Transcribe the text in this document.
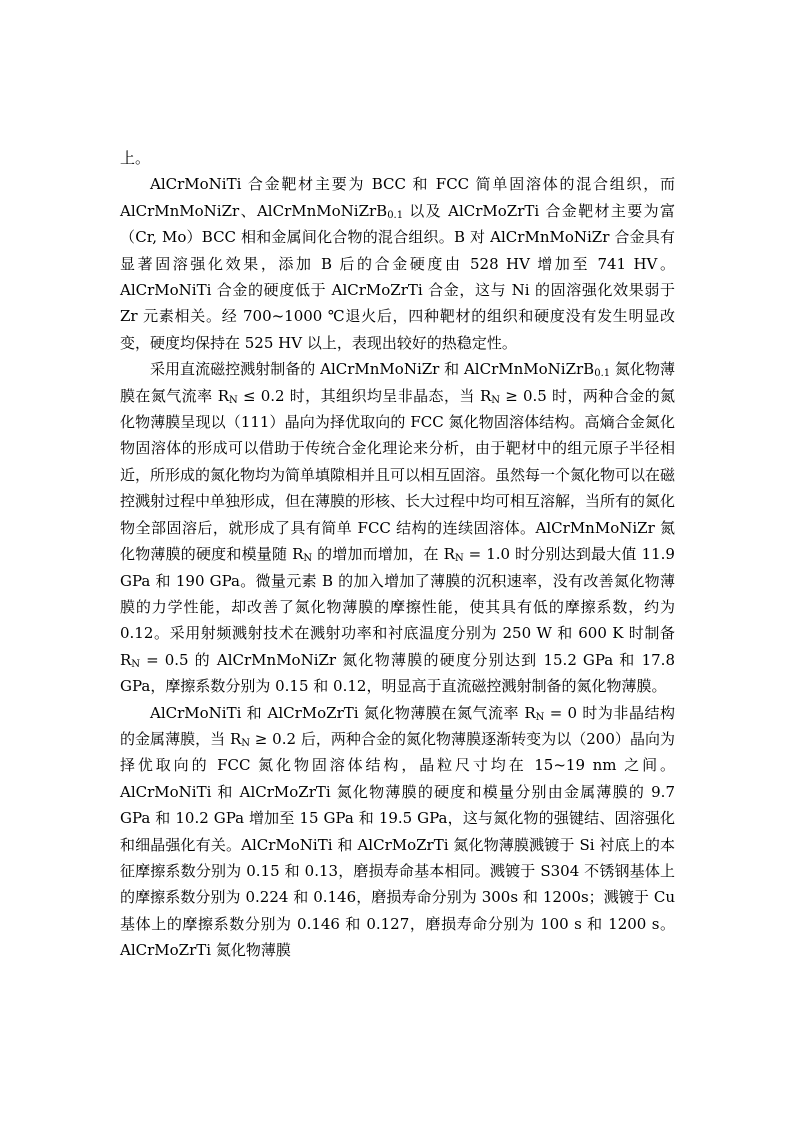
上。

AlCrMoNiTi 合金靶材主要为 BCC 和 FCC 简单固溶体的混合组织，而 AlCrMnMoNiZr、AlCrMnMoNiZrB$_{0.1}$ 以及 AlCrMoZrTi 合金靶材主要为富（Cr, Mo）BCC 相和金属间化合物的混合组织。B 对 AlCrMnMoNiZr 合金具有显著固溶强化效果，添加 B 后的合金硬度由 528 HV 增加至 741 HV。AlCrMoNiTi 合金的硬度低于 AlCrMoZrTi 合金，这与 Ni 的固溶强化效果弱于 Zr 元素相关。经 700~1000 ℃退火后，四种靶材的组织和硬度没有发生明显改变，硬度均保持在 525 HV 以上，表现出较好的热稳定性。

采用直流磁控溅射制备的 AlCrMnMoNiZr 和 AlCrMnMoNiZrB$_{0.1}$ 氮化物薄膜在氮气流率 $R_N \le 0.2$ 时，其组织均呈非晶态，当 $R_N \ge 0.5$ 时，两种合金的氮化物薄膜呈现以（111）晶向为择优取向的 FCC 氮化物固溶体结构。高熵合金氮化物固溶体的形成可以借助于传统合金化理论来分析，由于靶材中的组元原子半径相近，所形成的氮化物均为简单填隙相并且可以相互固溶。虽然每一个氮化物可以在磁控溅射过程中单独形成，但在薄膜的形核、长大过程中均可相互溶解，当所有的氮化物全部固溶后，就形成了具有简单 FCC 结构的连续固溶体。AlCrMnMoNiZr 氮化物薄膜的硬度和模量随 $R_N$ 的增加而增加，在 $R_N = 1.0$ 时分别达到最大值 11.9 GPa 和 190 GPa。微量元素 B 的加入增加了薄膜的沉积速率，没有改善氮化物薄膜的力学性能，却改善了氮化物薄膜的摩擦性能，使其具有低的摩擦系数，约为 0.12。采用射频溅射技术在溅射功率和衬底温度分别为 250 W 和 600 K 时制备 $R_N = 0.5$ 的 AlCrMnMoNiZr 氮化物薄膜的硬度分别达到 15.2 GPa 和 17.8 GPa，摩擦系数分别为 0.15 和 0.12，明显高于直流磁控溅射制备的氮化物薄膜。

AlCrMoNiTi 和 AlCrMoZrTi 氮化物薄膜在氮气流率 $R_N = 0$ 时为非晶结构的金属薄膜，当 $R_N \ge 0.2$ 后，两种合金的氮化物薄膜逐渐转变为以（200）晶向为择优取向的 FCC 氮化物固溶体结构，晶粒尺寸均在 15~19 nm 之间。AlCrMoNiTi 和 AlCrMoZrTi 氮化物薄膜的硬度和模量分别由金属薄膜的 9.7 GPa 和 10.2 GPa 增加至 15 GPa 和 19.5 GPa，这与氮化物的强键结、固溶强化和细晶强化有关。AlCrMoNiTi 和 AlCrMoZrTi 氮化物薄膜溅镀于 Si 衬底上的本征摩擦系数分别为 0.15 和 0.13，磨损寿命基本相同。溅镀于 S304 不锈钢基体上的摩擦系数分别为 0.224 和 0.146，磨损寿命分别为 300s 和 1200s；溅镀于 Cu 基体上的摩擦系数分别为 0.146 和 0.127，磨损寿命分别为 100 s 和 1200 s。AlCrMoZrTi 氮化物薄膜
